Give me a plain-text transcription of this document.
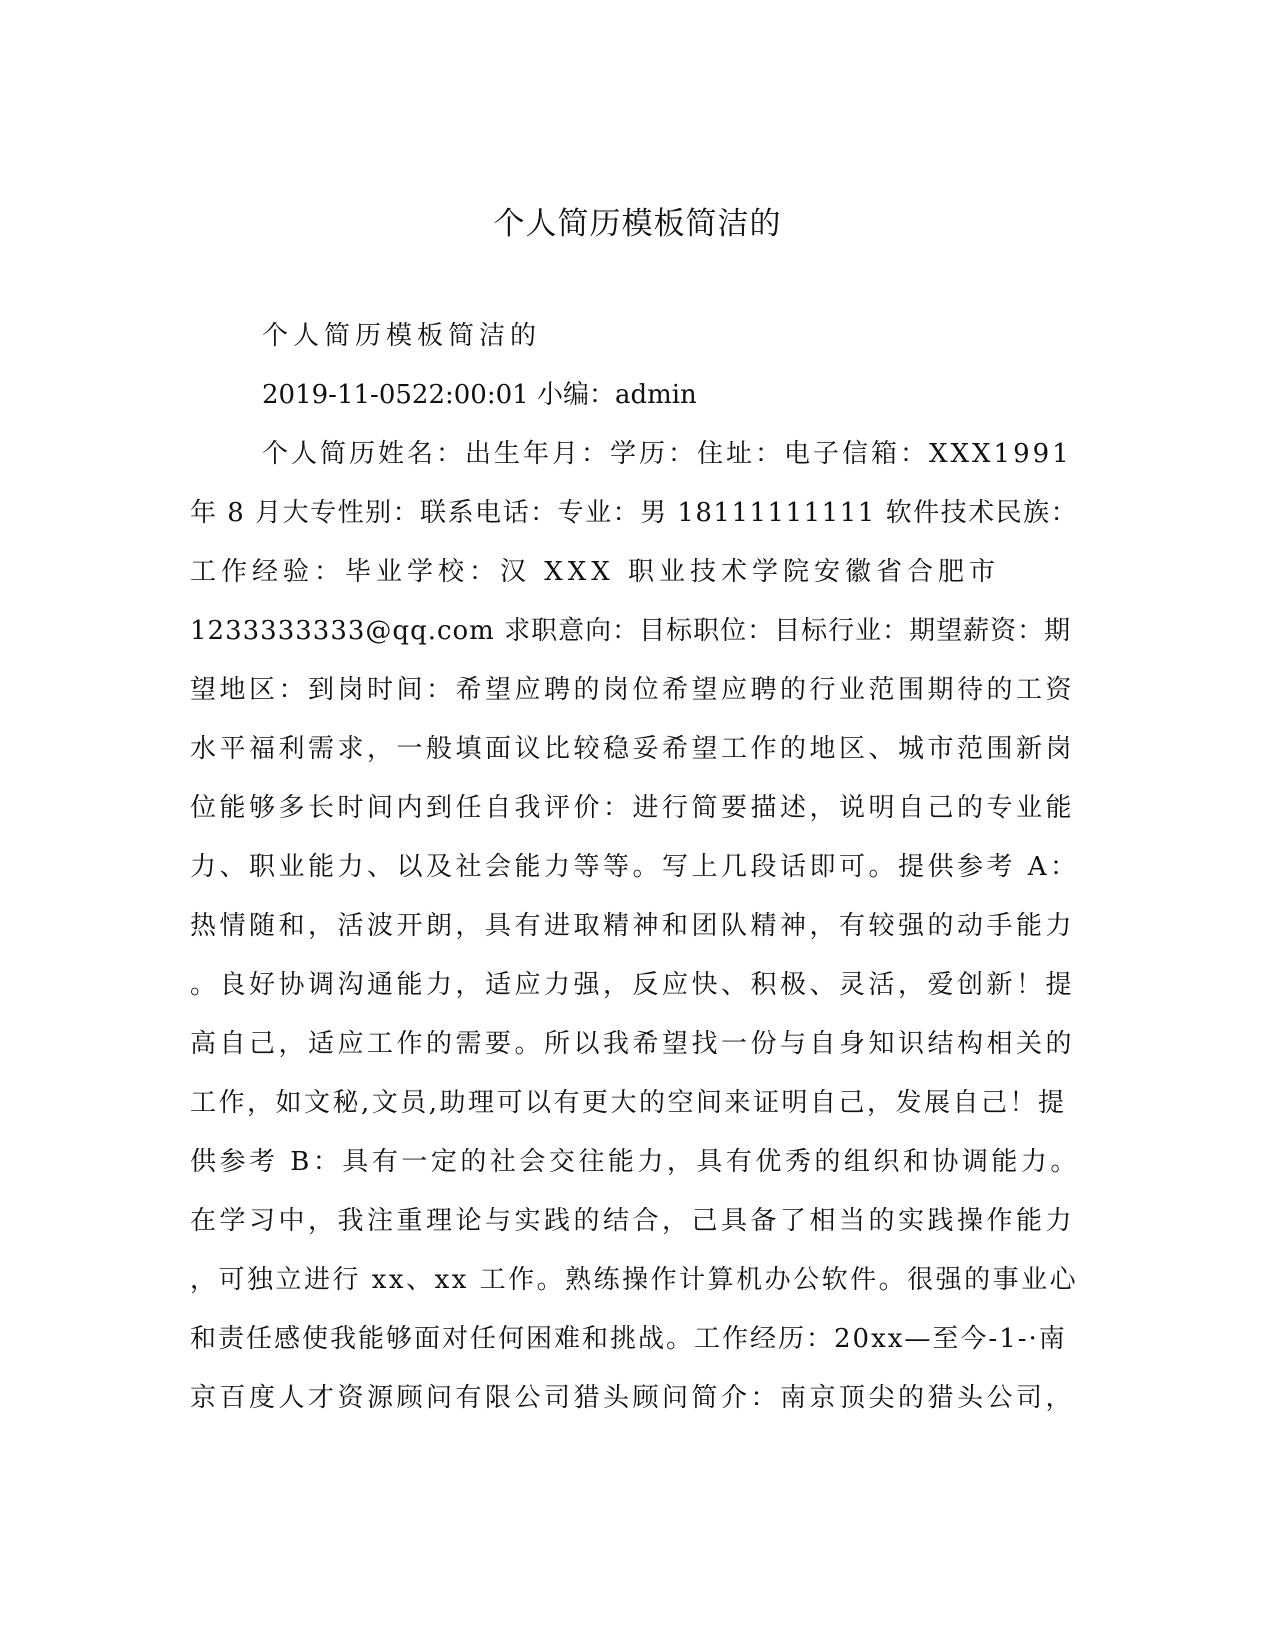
个人简历模板简洁的

个人简历模板简洁的

2019-11-0522:00:01 小编：admin

个人简历姓名：出生年月：学历：住址：电子信箱：XXX1991

年 8 月大专性别：联系电话：专业：男 18111111111 软件技术民族：

工作经验：毕业学校：汉 XXX 职业技术学院安徽省合肥市

1233333333@qq.com 求职意向：目标职位：目标行业：期望薪资：期

望地区：到岗时间：希望应聘的岗位希望应聘的行业范围期待的工资

水平福利需求，一般填面议比较稳妥希望工作的地区、城市范围新岗

位能够多长时间内到任自我评价：进行简要描述，说明自己的专业能

力、职业能力、以及社会能力等等。写上几段话即可。提供参考 A：

热情随和，活波开朗，具有进取精神和团队精神，有较强的动手能力

。良好协调沟通能力，适应力强，反应快、积极、灵活，爱创新！提

高自己，适应工作的需要。所以我希望找一份与自身知识结构相关的

工作，如文秘,文员,助理可以有更大的空间来证明自己，发展自己！提

供参考 B：具有一定的社会交往能力，具有优秀的组织和协调能力。

在学习中，我注重理论与实践的结合，己具备了相当的实践操作能力

，可独立进行 xx、xx 工作。熟练操作计算机办公软件。很强的事业心

和责任感使我能够面对任何困难和挑战。工作经历：20xx—至今-1-·南

京百度人才资源顾问有限公司猎头顾问简介：南京顶尖的猎头公司，
